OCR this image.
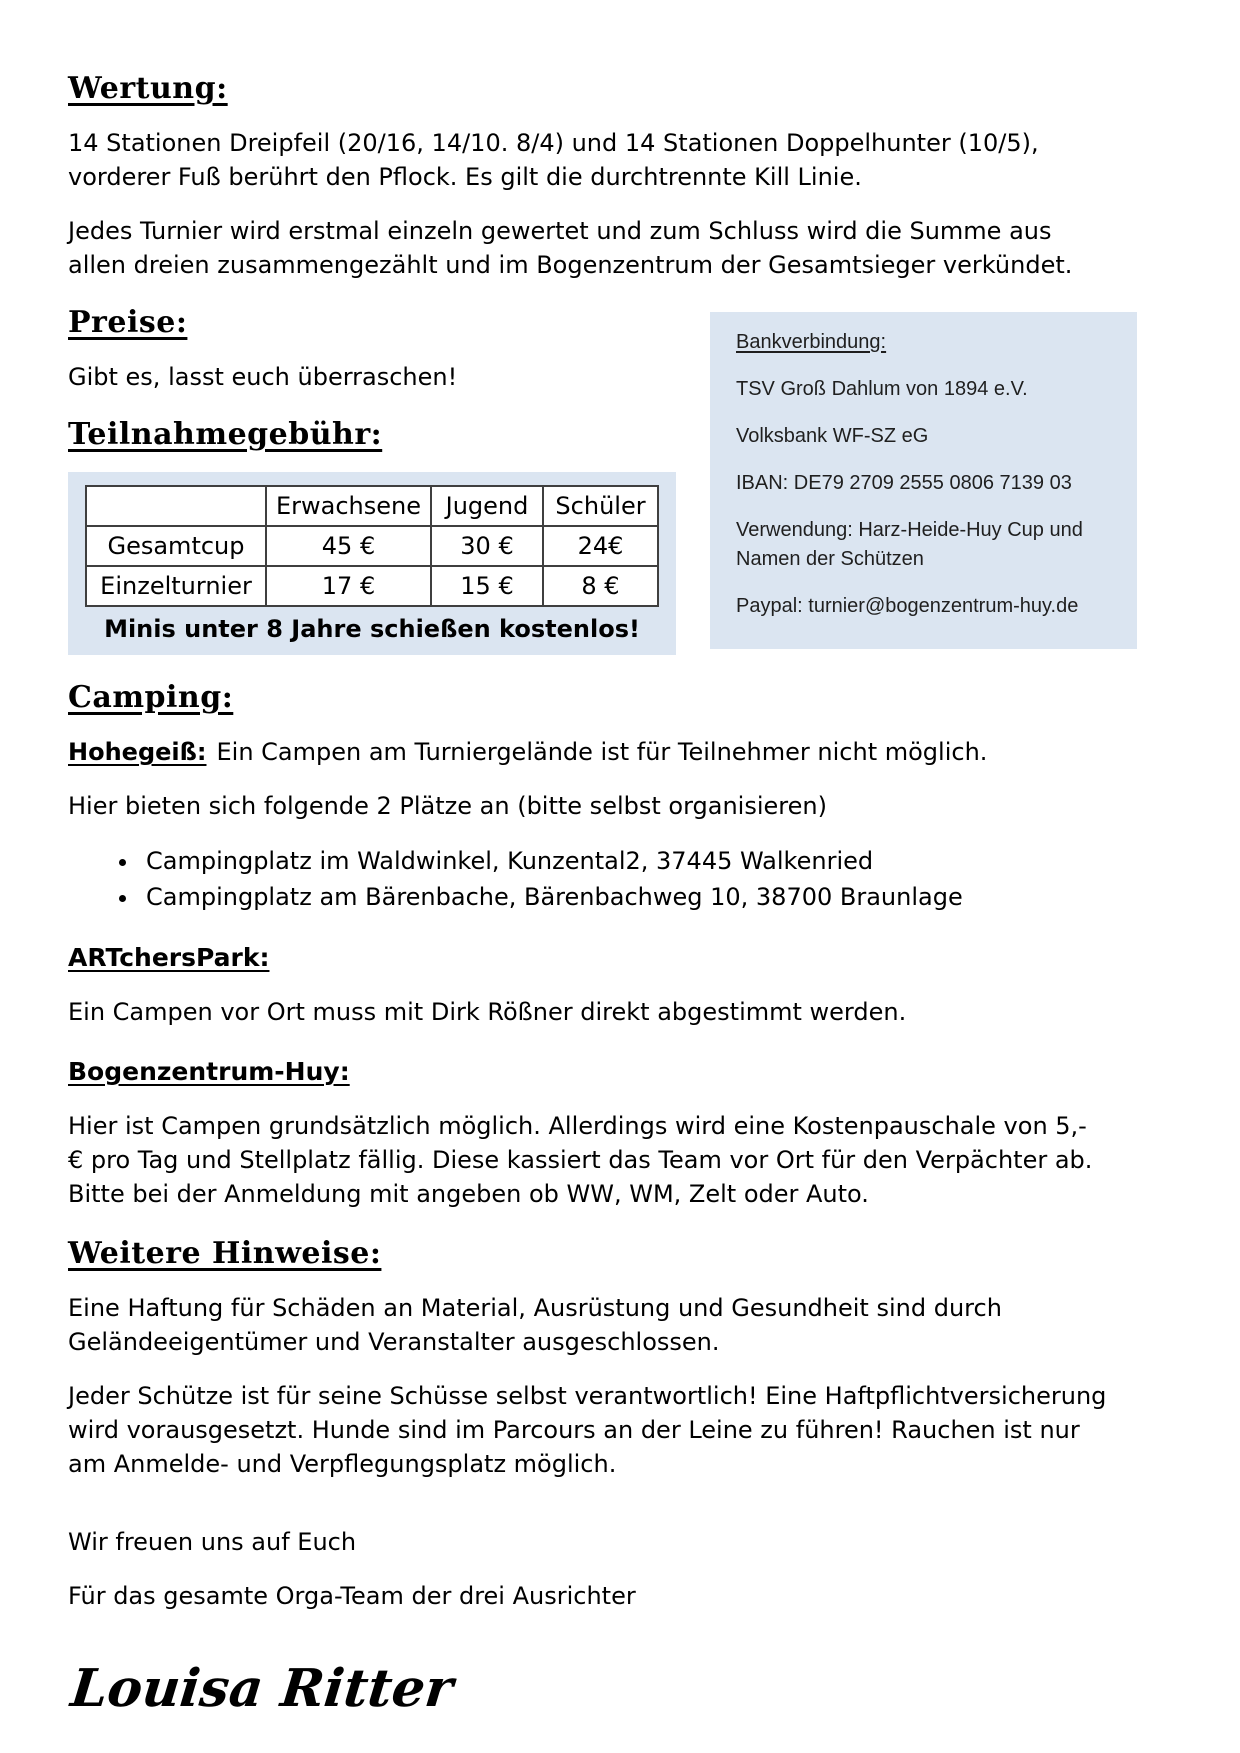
Wertung:

14 Stationen Dreipfeil (20/16, 14/10. 8/4) und 14 Stationen Doppelhunter (10/5), vorderer Fuß berührt den Pflock. Es gilt die durchtrennte Kill Linie.

Jedes Turnier wird erstmal einzeln gewertet und zum Schluss wird die Summe aus allen dreien zusammengezählt und im Bogenzentrum der Gesamtsieger verkündet.

Preise:

Gibt es, lasst euch überraschen!

Teilnahmegebühr:
	Erwachsene	Jugend	Schüler
Gesamtcup	45 €	30 €	24€
Einzelturnier	17 €	15 €	8 €
Minis unter 8 Jahre schießen kostenlos!

Bankverbindung:

TSV Groß Dahlum von 1894 e.V.

Volksbank WF-SZ eG

IBAN: DE79 2709 2555 0806 7139 03

Verwendung: Harz-Heide-Huy Cup und Namen der Schützen

Paypal: turnier@bogenzentrum-huy.de

Camping:

Hohegeiß: Ein Campen am Turniergelände ist für Teilnehmer nicht möglich.

Hier bieten sich folgende 2 Plätze an (bitte selbst organisieren)

• Campingplatz im Waldwinkel, Kunzental2, 37445 Walkenried
• Campingplatz am Bärenbache, Bärenbachweg 10, 38700 Braunlage
ARTchersPark:

Ein Campen vor Ort muss mit Dirk Rößner direkt abgestimmt werden.

Bogenzentrum-Huy:

Hier ist Campen grundsätzlich möglich. Allerdings wird eine Kostenpauschale von 5,- € pro Tag und Stellplatz fällig. Diese kassiert das Team vor Ort für den Verpächter ab. Bitte bei der Anmeldung mit angeben ob WW, WM, Zelt oder Auto.

Weitere Hinweise:

Eine Haftung für Schäden an Material, Ausrüstung und Gesundheit sind durch Geländeeigentümer und Veranstalter ausgeschlossen.

Jeder Schütze ist für seine Schüsse selbst verantwortlich! Eine Haftpflichtversicherung wird vorausgesetzt. Hunde sind im Parcours an der Leine zu führen! Rauchen ist nur am Anmelde- und Verpflegungsplatz möglich.

Wir freuen uns auf Euch

Für das gesamte Orga-Team der drei Ausrichter

Louisa Ritter
